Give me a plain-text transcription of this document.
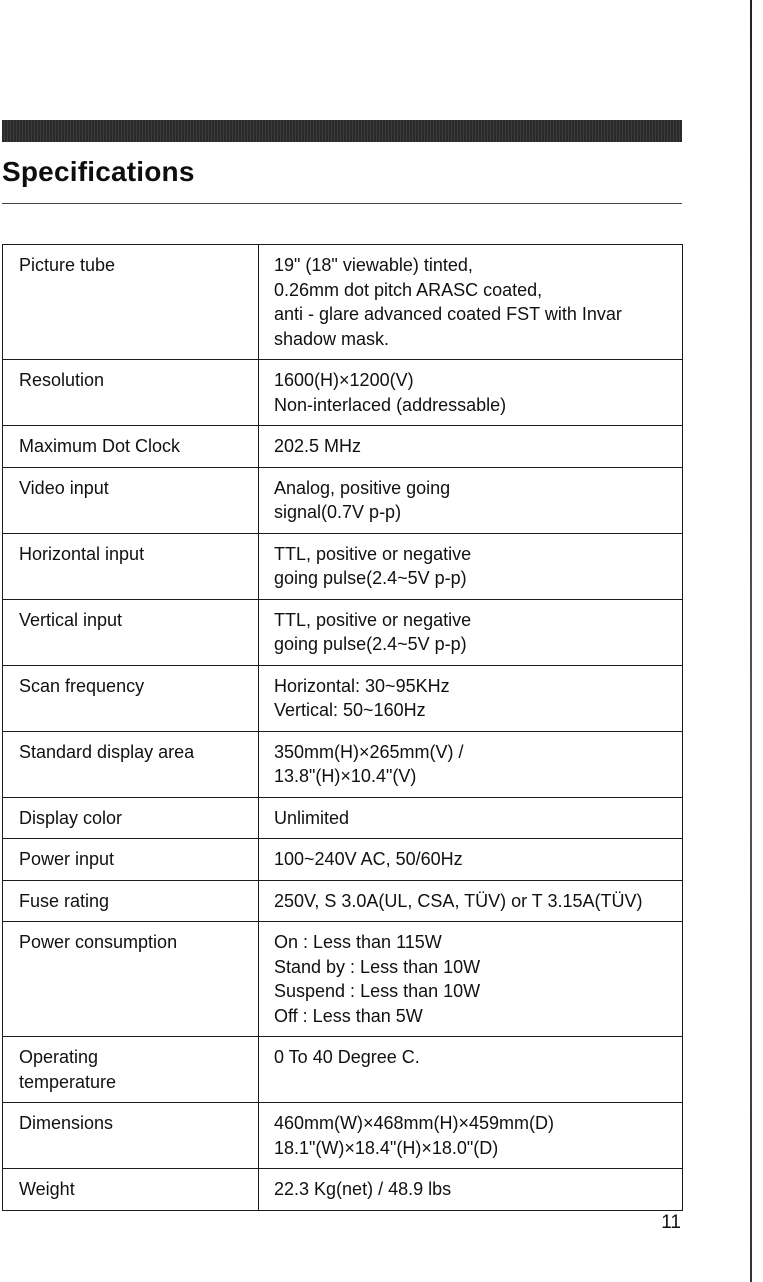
Specifications
Picture tube	19" (18" viewable) tinted,
0.26mm dot pitch ARASC coated,
anti - glare advanced coated FST with Invar
shadow mask.

Resolution	1600(H)×1200(V)
Non-interlaced (addressable)

Maximum Dot Clock	202.5 MHz

Video input	Analog, positive going
signal(0.7V p-p)

Horizontal input	TTL, positive or negative
going pulse(2.4~5V p-p)

Vertical input	TTL, positive or negative
going pulse(2.4~5V p-p)

Scan frequency	Horizontal: 30~95KHz
Vertical: 50~160Hz

Standard display area	350mm(H)×265mm(V) /
13.8"(H)×10.4"(V)

Display color	Unlimited

Power input	100~240V AC, 50/60Hz

Fuse rating	250V, S 3.0A(UL, CSA, TÜV) or T 3.15A(TÜV)

Power consumption	On : Less than 115W
Stand by : Less than 10W
Suspend : Less than 10W
Off : Less than 5W

Operating
temperature	0 To 40 Degree C.

Dimensions	460mm(W)×468mm(H)×459mm(D)
18.1"(W)×18.4"(H)×18.0"(D)

Weight	22.3 Kg(net) / 48.9 lbs
11
